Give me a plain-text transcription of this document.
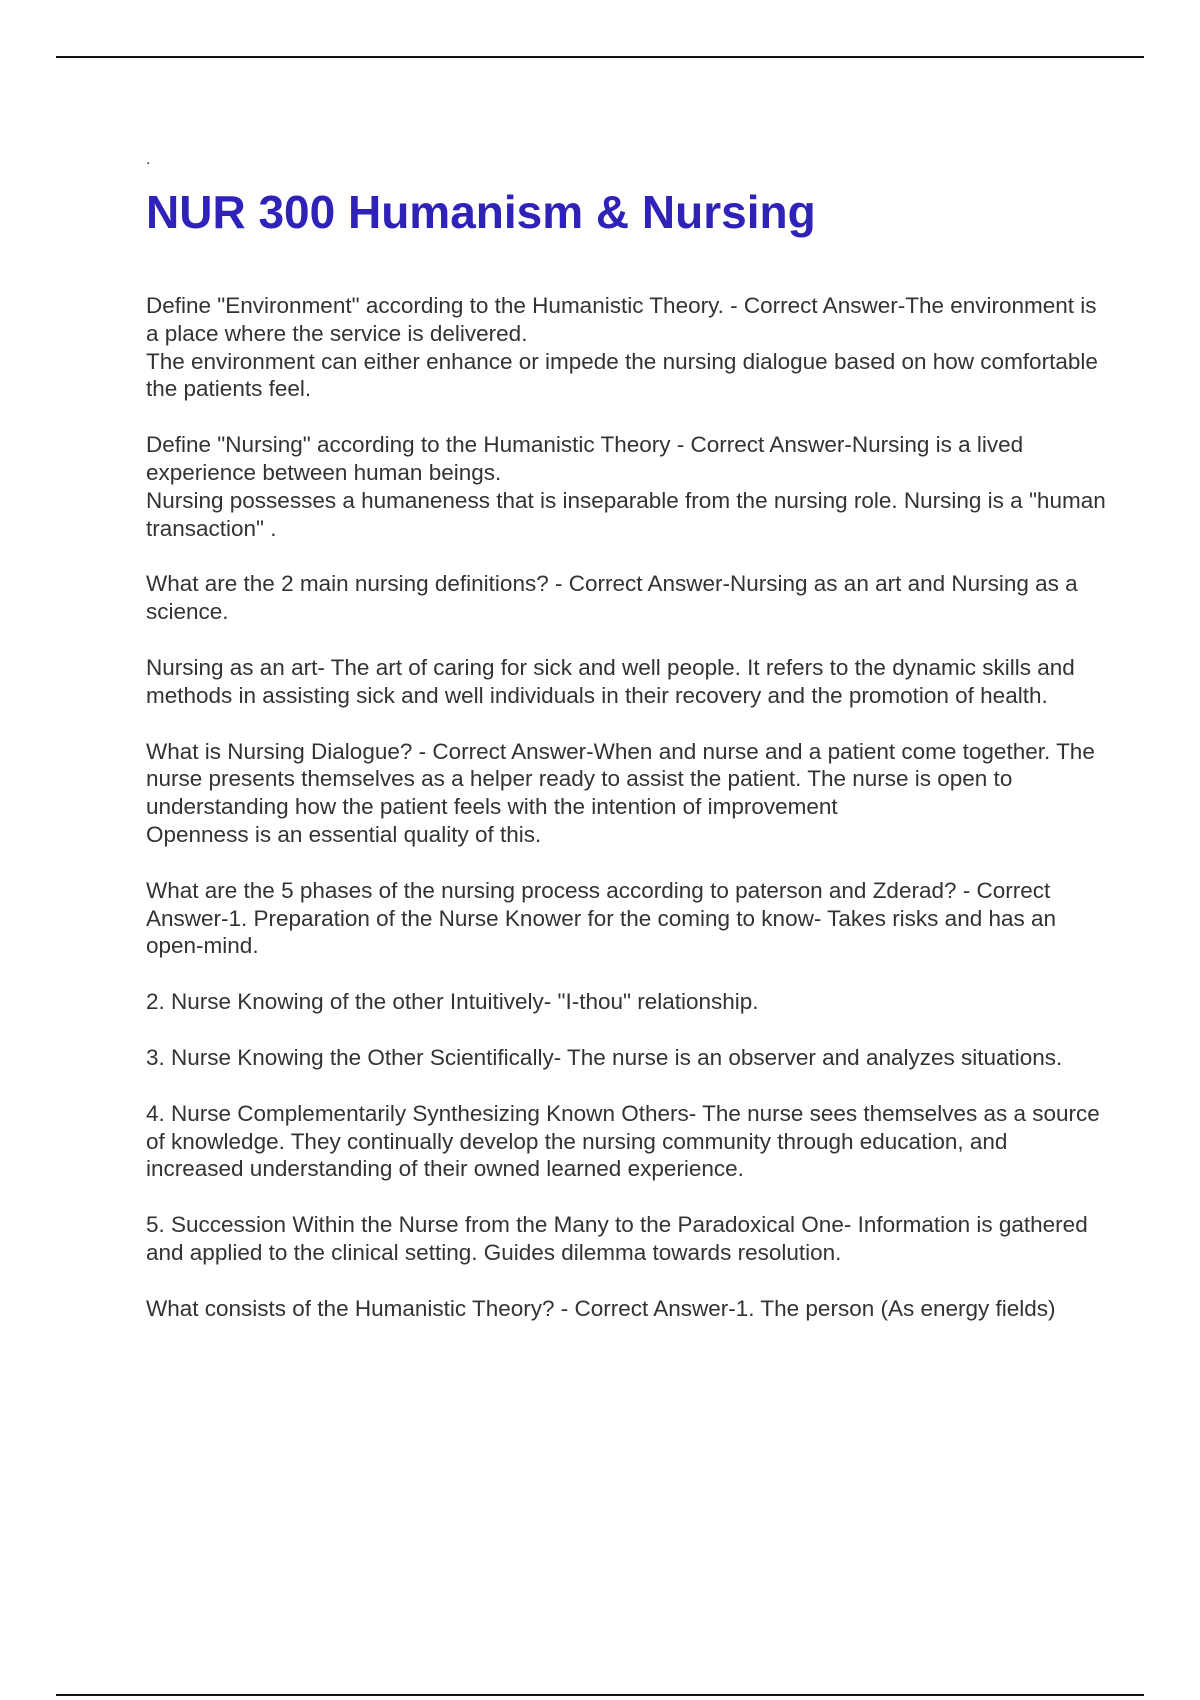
.
NUR 300 Humanism & Nursing

Define "Environment" according to the Humanistic Theory. - Correct Answer-The environment is a place where the service is delivered.

The environment can either enhance or impede the nursing dialogue based on how comfortable the patients feel.

Define "Nursing" according to the Humanistic Theory - Correct Answer-Nursing is a lived experience between human beings.

Nursing possesses a humaneness that is inseparable from the nursing role. Nursing is a "human transaction" .

What are the 2 main nursing definitions? - Correct Answer-Nursing as an art and Nursing as a science.

Nursing as an art- The art of caring for sick and well people. It refers to the dynamic skills and methods in assisting sick and well individuals in their recovery and the promotion of health.

What is Nursing Dialogue? - Correct Answer-When and nurse and a patient come together. The nurse presents themselves as a helper ready to assist the patient. The nurse is open to understanding how the patient feels with the intention of improvement

Openness is an essential quality of this.

What are the 5 phases of the nursing process according to paterson and Zderad? - Correct Answer-1. Preparation of the Nurse Knower for the coming to know- Takes risks and has an open-mind.

2. Nurse Knowing of the other Intuitively- "I-thou" relationship.

3. Nurse Knowing the Other Scientifically- The nurse is an observer and analyzes situations.

4. Nurse Complementarily Synthesizing Known Others- The nurse sees themselves as a source of knowledge. They continually develop the nursing community through education, and increased understanding of their owned learned experience.

5. Succession Within the Nurse from the Many to the Paradoxical One- Information is gathered and applied to the clinical setting. Guides dilemma towards resolution.

What consists of the Humanistic Theory? - Correct Answer-1. The person (As energy fields)
